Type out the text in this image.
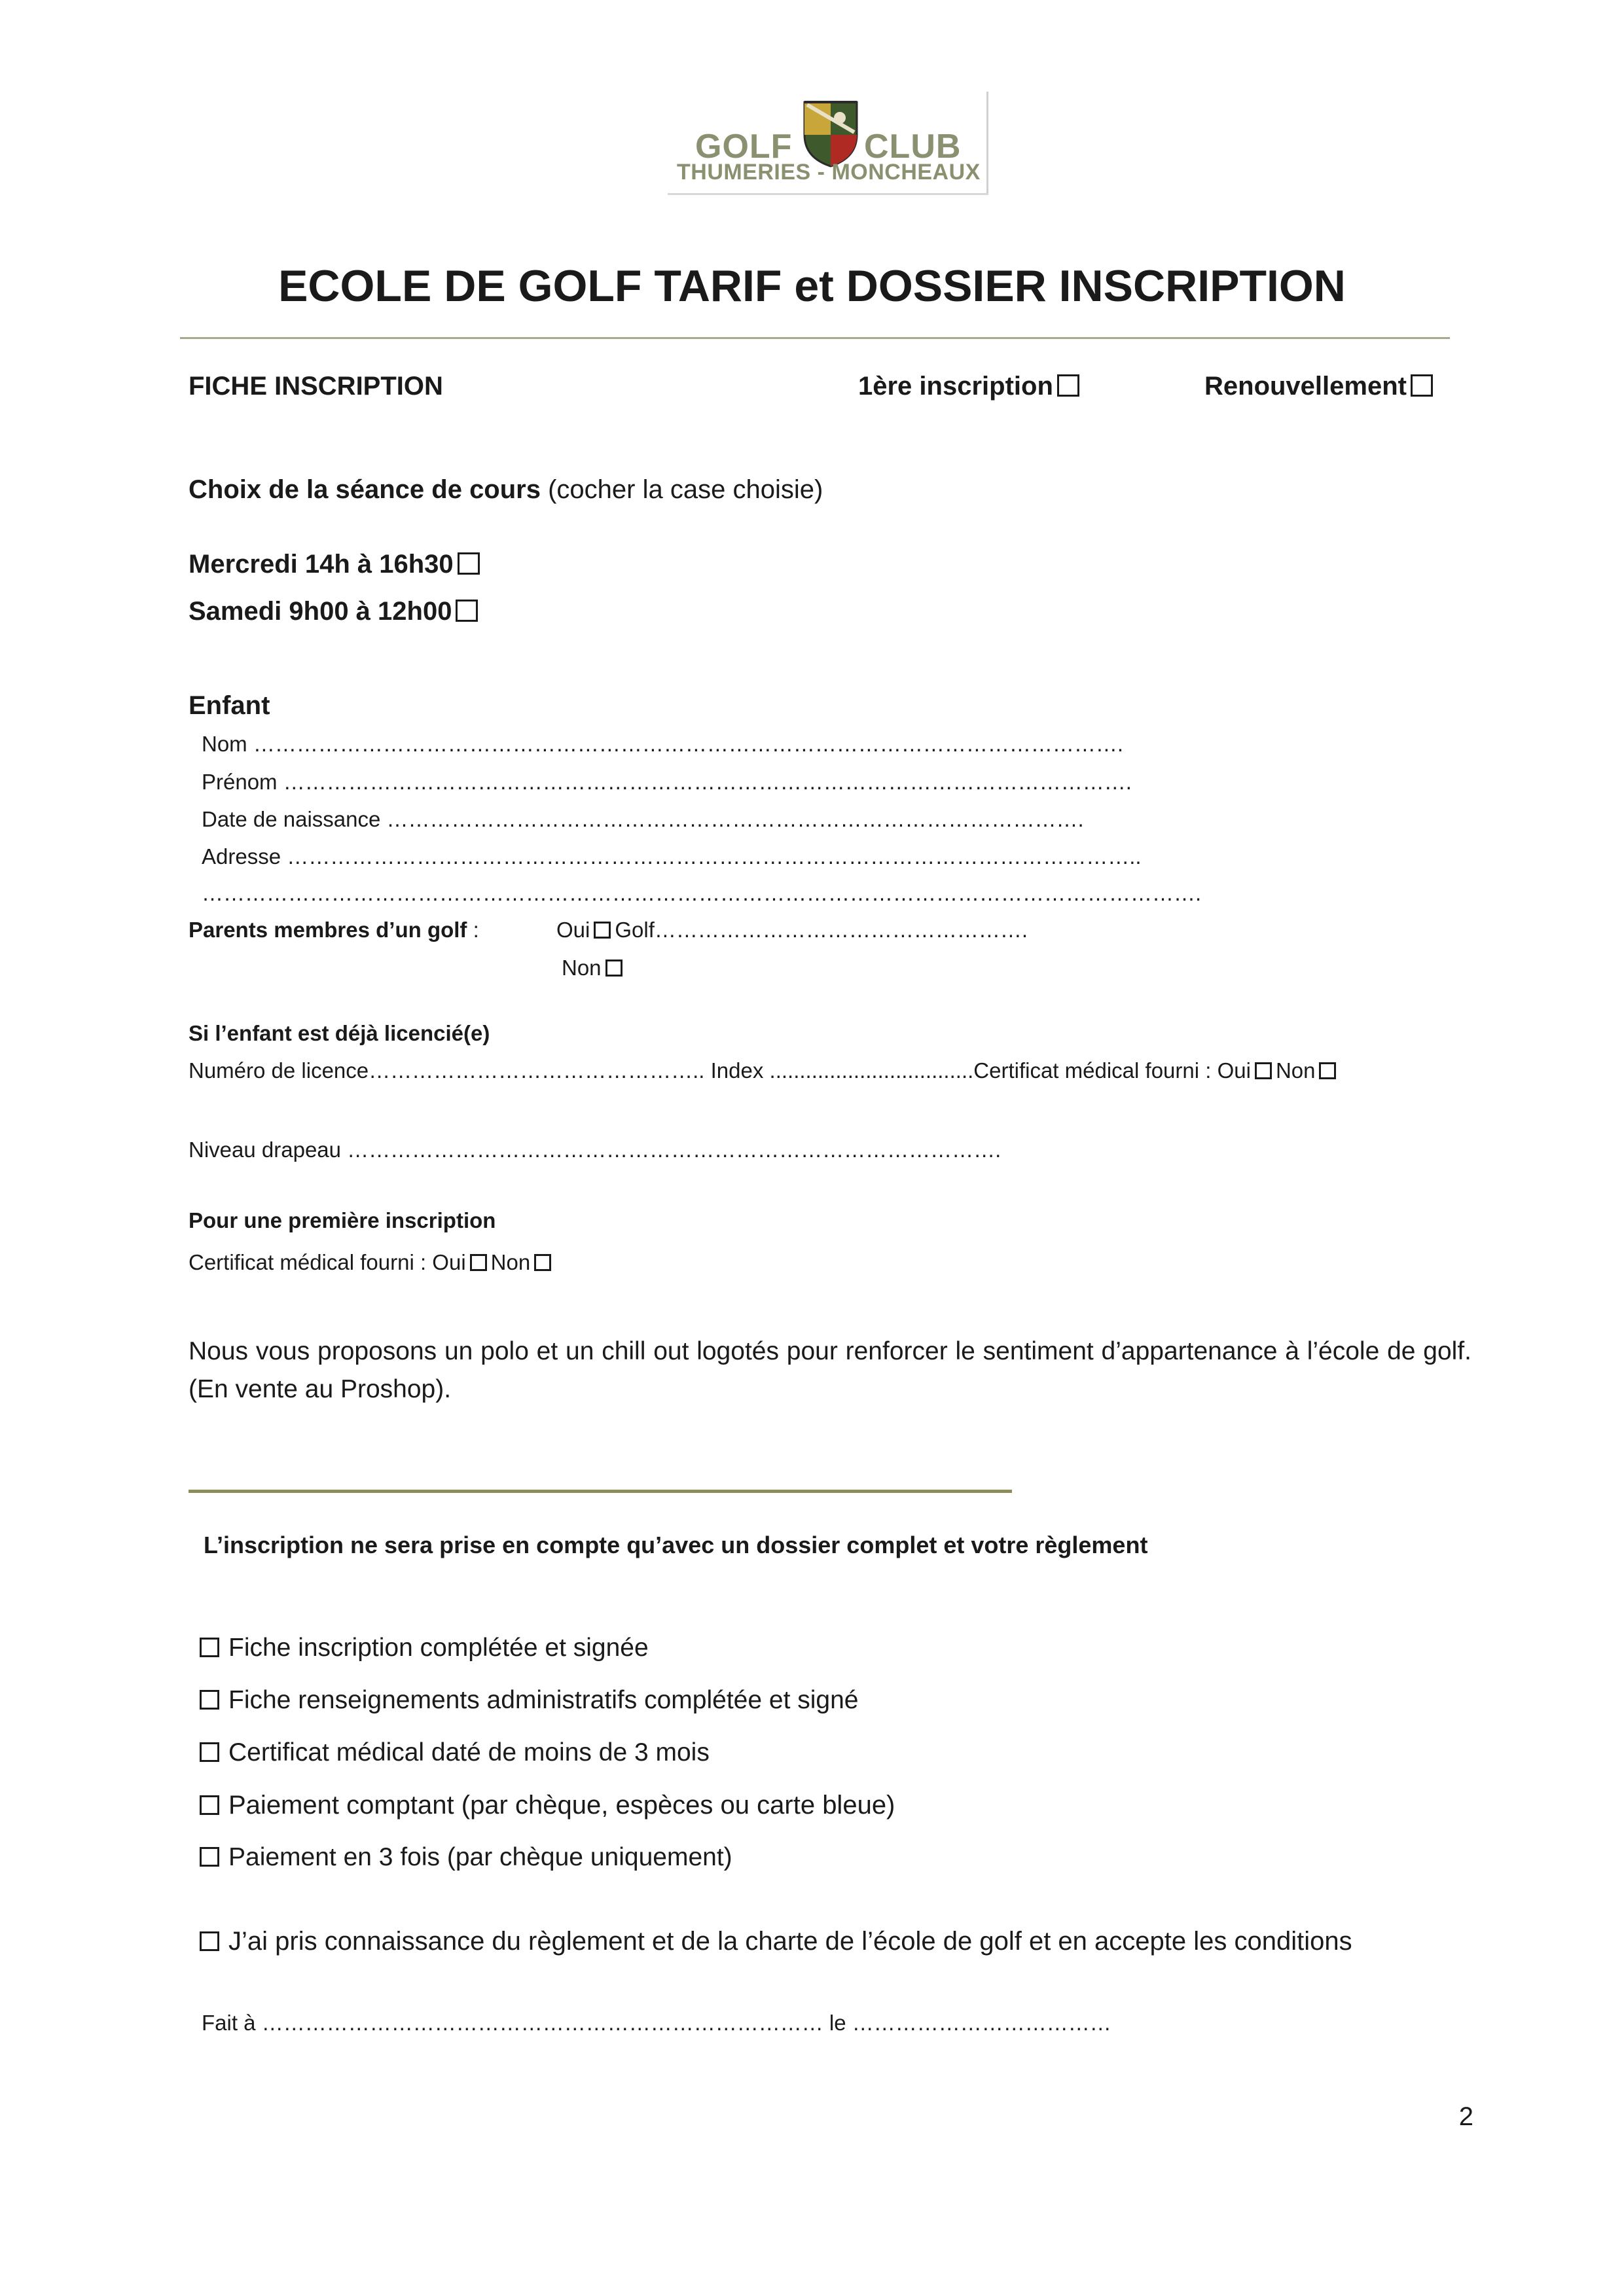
GOLF CLUB
THUMERIES - MONCHEAUX
ECOLE DE GOLF TARIF et DOSSIER INSCRIPTION
FICHE INSCRIPTION	1ère inscription	Renouvellement
Choix de la séance de cours (cocher la case choisie)
Mercredi 14h à 16h30
Samedi 9h00 à 12h00
Enfant
Nom ………………………………………………………………………………………………………….
Prénom ……………………………………………………………………………………………………….
Date de naissance …………………………………………………………………………………….
Adresse ………………………………………………………………………………………………………..
………………………………………………………………………………………………………………………….
Parents membres d’un golf :	Oui Golf…………………………………………….
Non
Si l’enfant est déjà licencié(e)
Numéro de licence……………………………………….. Index ..................................Certificat médical fourni : Oui Non
Niveau drapeau ……………………………………………………………………………….
Pour une première inscription
Certificat médical fourni : Oui Non
Nous vous proposons un polo et un chill out logotés pour renforcer le sentiment d’appartenance à l’école de golf. (En vente au Proshop).
L’inscription ne sera prise en compte qu’avec un dossier complet et votre règlement
Fiche inscription complétée et signée
Fiche renseignements administratifs complétée et signé
Certificat médical daté de moins de 3 mois
Paiement comptant (par chèque, espèces ou carte bleue)
Paiement en 3 fois (par chèque uniquement)
J’ai pris connaissance du règlement et de la charte de l’école de golf et en accepte les conditions
Fait à …………………………………………………………………… le ………………………………
2
